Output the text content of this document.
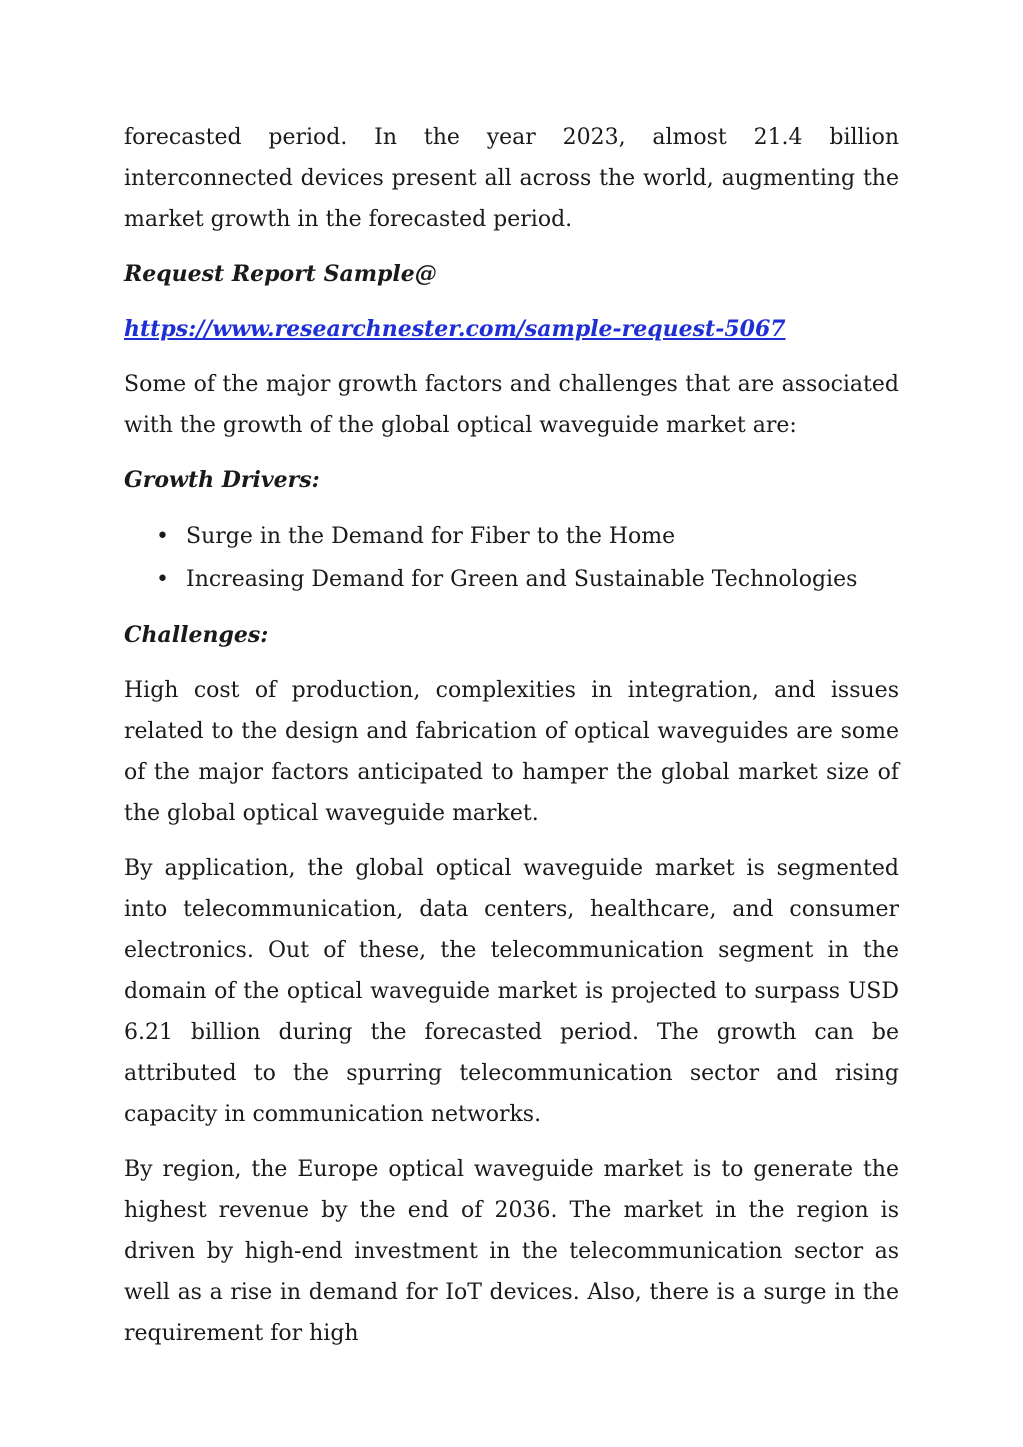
forecasted period. In the year 2023, almost 21.4 billion interconnected devices present all across the world, augmenting the market growth in the forecasted period.

Request Report Sample@
https://www.researchnester.com/sample-request-5067

Some of the major growth factors and challenges that are associated with the growth of the global optical waveguide market are:

Growth Drivers:
• Surge in the Demand for Fiber to the Home
• Increasing Demand for Green and Sustainable Technologies
Challenges:

High cost of production, complexities in integration, and issues related to the design and fabrication of optical waveguides are some of the major factors anticipated to hamper the global market size of the global optical waveguide market.

By application, the global optical waveguide market is segmented into telecommunication, data centers, healthcare, and consumer electronics. Out of these, the telecommunication segment in the domain of the optical waveguide market is projected to surpass USD 6.21 billion during the forecasted period. The growth can be attributed to the spurring telecommunication sector and rising capacity in communication networks.

By region, the Europe optical waveguide market is to generate the highest revenue by the end of 2036. The market in the region is driven by high-end investment in the telecommunication sector as well as a rise in demand for IoT devices. Also, there is a surge in the requirement for high
